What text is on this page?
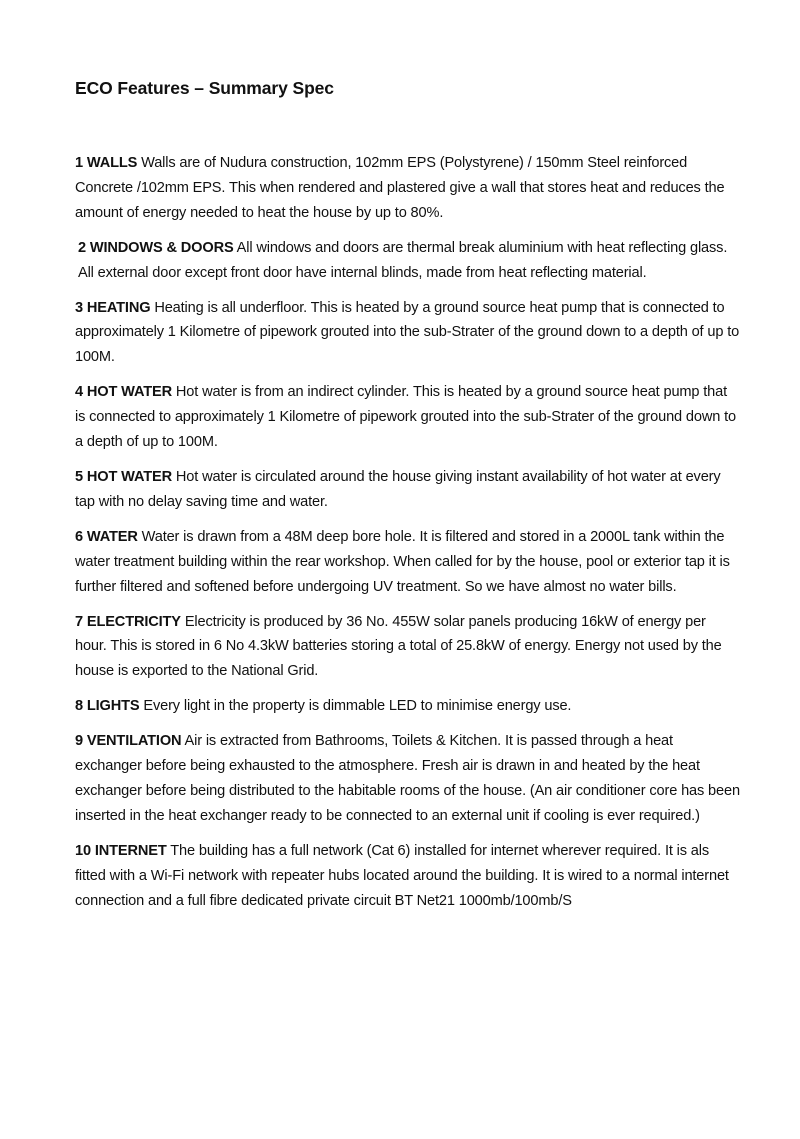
ECO Features – Summary Spec

1 WALLS Walls are of Nudura construction, 102mm EPS (Polystyrene) / 150mm Steel reinforced Concrete /102mm EPS. This when rendered and plastered give a wall that stores heat and reduces the amount of energy needed to heat the house by up to 80%.

2 WINDOWS & DOORS All windows and doors are thermal break aluminium with heat reflecting glass. All external door except front door have internal blinds, made from heat reflecting material.

3 HEATING Heating is all underfloor. This is heated by a ground source heat pump that is connected to approximately 1 Kilometre of pipework grouted into the sub-Strater of the ground down to a depth of up to 100M.

4 HOT WATER Hot water is from an indirect cylinder. This is heated by a ground source heat pump that is connected to approximately 1 Kilometre of pipework grouted into the sub-Strater of the ground down to a depth of up to 100M.

5 HOT WATER Hot water is circulated around the house giving instant availability of hot water at every tap with no delay saving time and water.

6 WATER Water is drawn from a 48M deep bore hole. It is filtered and stored in a 2000L tank within the water treatment building within the rear workshop. When called for by the house, pool or exterior tap it is further filtered and softened before undergoing UV treatment. So we have almost no water bills.

7 ELECTRICITY Electricity is produced by 36 No. 455W solar panels producing 16kW of energy per hour. This is stored in 6 No 4.3kW batteries storing a total of 25.8kW of energy. Energy not used by the house is exported to the National Grid.

8 LIGHTS Every light in the property is dimmable LED to minimise energy use.

9 VENTILATION Air is extracted from Bathrooms, Toilets & Kitchen. It is passed through a heat exchanger before being exhausted to the atmosphere. Fresh air is drawn in and heated by the heat exchanger before being distributed to the habitable rooms of the house. (An air conditioner core has been inserted in the heat exchanger ready to be connected to an external unit if cooling is ever required.)

10 INTERNET The building has a full network (Cat 6) installed for internet wherever required. It is als fitted with a Wi-Fi network with repeater hubs located around the building. It is wired to a normal internet connection and a full fibre dedicated private circuit BT Net21 1000mb/100mb/S
